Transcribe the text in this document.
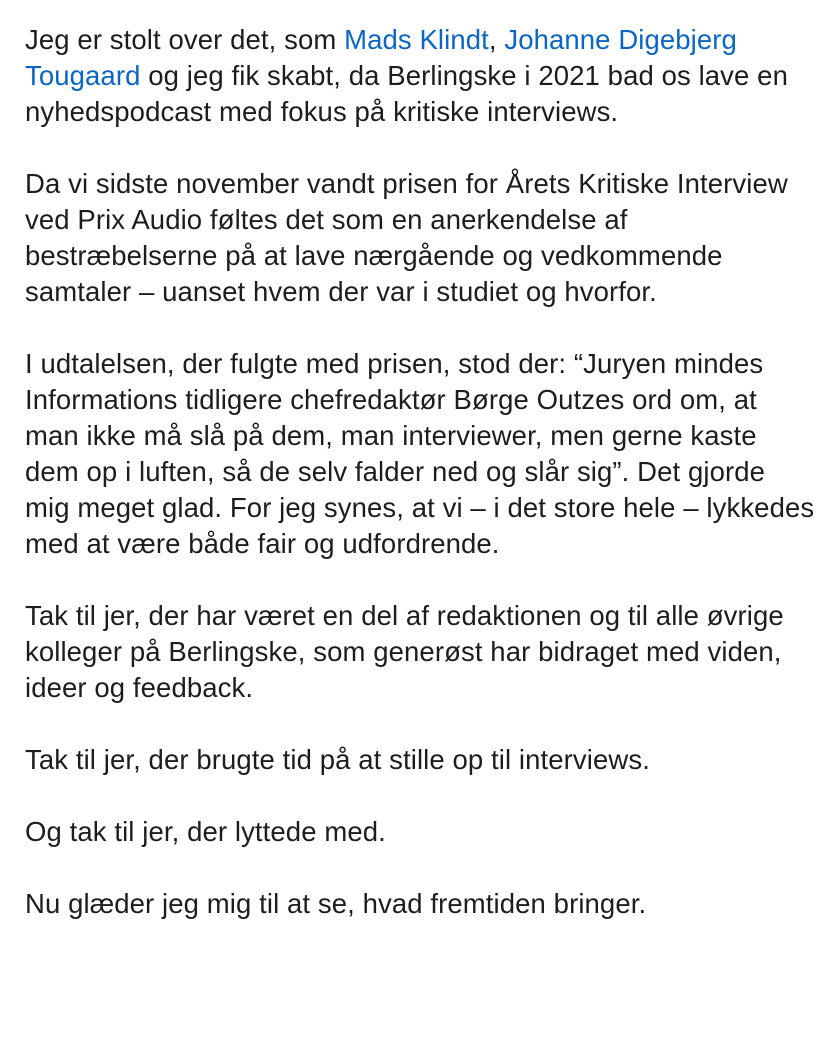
Jeg er stolt over det, som Mads Klindt, Johanne Digebjerg Tougaard og jeg fik skabt, da Berlingske i 2021 bad os lave en nyhedspodcast med fokus på kritiske interviews.

Da vi sidste november vandt prisen for Årets Kritiske Interview ved Prix Audio føltes det som en anerkendelse af bestræbelserne på at lave nærgående og vedkommende samtaler – uanset hvem der var i studiet og hvorfor.

I udtalelsen, der fulgte med prisen, stod der: “Juryen mindes Informations tidligere chefredaktør Børge Outzes ord om, at man ikke må slå på dem, man interviewer, men gerne kaste dem op i luften, så de selv falder ned og slår sig”. Det gjorde mig meget glad. For jeg synes, at vi – i det store hele – lykkedes med at være både fair og udfordrende.

Tak til jer, der har været en del af redaktionen og til alle øvrige kolleger på Berlingske, som generøst har bidraget med viden, ideer og feedback.

Tak til jer, der brugte tid på at stille op til interviews.

Og tak til jer, der lyttede med.

Nu glæder jeg mig til at se, hvad fremtiden bringer.
